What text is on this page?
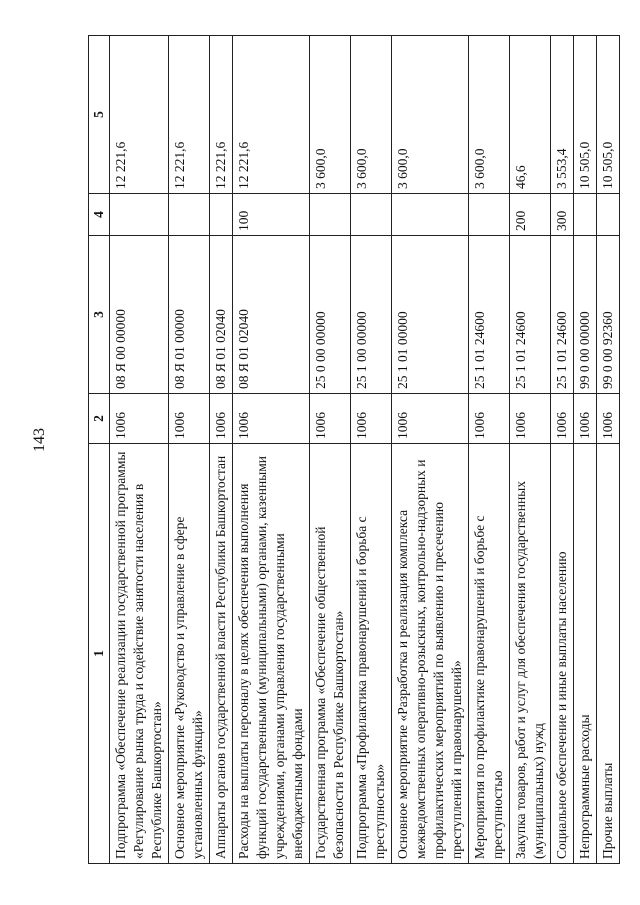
143
1	2	3	4	5
Подпрограмма «Обеспечение реализации государственной программы «Регулирование рынка труда и содействие занятости населения в Республике Башкортостан»	1006	08 Я 00 00000		12 221,6
Основное мероприятие «Руководство и управление в сфере установленных функций»	1006	08 Я 01 00000		12 221,6
Аппараты органов государственной власти Республики Башкортостан	1006	08 Я 01 02040		12 221,6
Расходы на выплаты персоналу в целях обеспечения выполнения функций государственными (муниципальными) органами, казенными учреждениями, органами управления государственными внебюджетными фондами	1006	08 Я 01 02040	100	12 221,6
Государственная программа «Обеспечение общественной безопасности в Республике Башкортостан»	1006	25 0 00 00000		3 600,0
Подпрограмма «Профилактика правонарушений и борьба с преступностью»	1006	25 1 00 00000		3 600,0
Основное мероприятие «Разработка и реализация комплекса межведомственных оперативно-розыскных, контрольно-надзорных и профилактических мероприятий по выявлению и пресечению преступлений и правонарушений»	1006	25 1 01 00000		3 600,0
Мероприятия по профилактике правонарушений и борьбе с преступностью	1006	25 1 01 24600		3 600,0
Закупка товаров, работ и услуг для обеспечения государственных (муниципальных) нужд	1006	25 1 01 24600	200	46,6
Социальное обеспечение и иные выплаты населению	1006	25 1 01 24600	300	3 553,4
Непрограммные расходы	1006	99 0 00 00000		10 505,0
Прочие выплаты	1006	99 0 00 92360		10 505,0
